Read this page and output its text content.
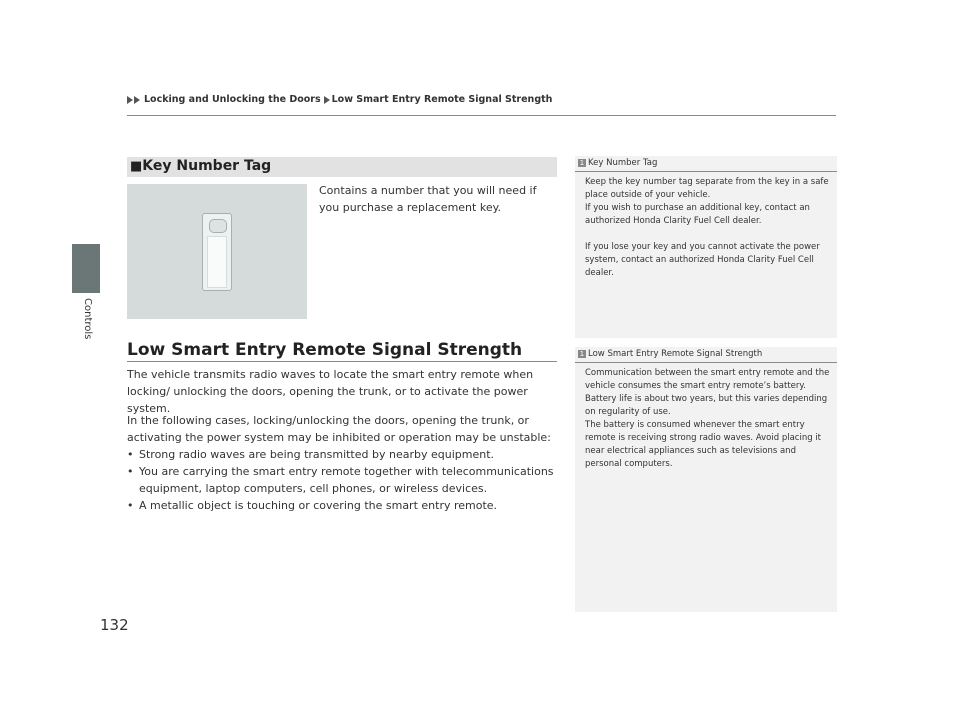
Locking and Unlocking the Doors Low Smart Entry Remote Signal Strength
Controls
132
■Key Number Tag
Contains a number that you will need if you purchase a replacement key.
Low Smart Entry Remote Signal Strength
The vehicle transmits radio waves to locate the smart entry remote when locking/ unlocking the doors, opening the trunk, or to activate the power system.
In the following cases, locking/unlocking the doors, opening the trunk, or activating the power system may be inhibited or operation may be unstable:
• Strong radio waves are being transmitted by nearby equipment.
• You are carrying the smart entry remote together with telecommunications equipment, laptop computers, cell phones, or wireless devices.
• A metallic object is touching or covering the smart entry remote.
1 Key Number Tag

Keep the key number tag separate from the key in a safe place outside of your vehicle.

If you wish to purchase an additional key, contact an authorized Honda Clarity Fuel Cell dealer.

If you lose your key and you cannot activate the power system, contact an authorized Honda Clarity Fuel Cell dealer.

1 Low Smart Entry Remote Signal Strength

Communication between the smart entry remote and the vehicle consumes the smart entry remote’s battery.

Battery life is about two years, but this varies depending on regularity of use.

The battery is consumed whenever the smart entry remote is receiving strong radio waves. Avoid placing it near electrical appliances such as televisions and personal computers.
